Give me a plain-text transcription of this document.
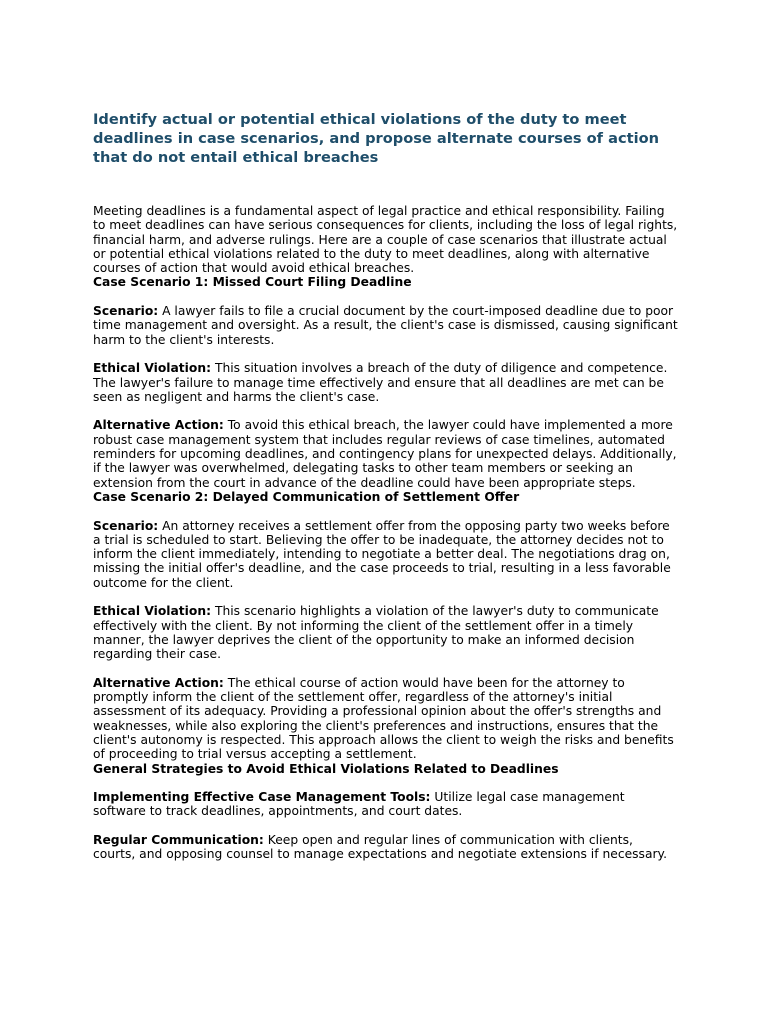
Identify actual or potential ethical violations of the duty to meet deadlines in case scenarios, and propose alternate courses of action that do not entail ethical breaches

Meeting deadlines is a fundamental aspect of legal practice and ethical responsibility. Failing to meet deadlines can have serious consequences for clients, including the loss of legal rights, financial harm, and adverse rulings. Here are a couple of case scenarios that illustrate actual or potential ethical violations related to the duty to meet deadlines, along with alternative courses of action that would avoid ethical breaches.

Case Scenario 1: Missed Court Filing Deadline

Scenario: A lawyer fails to file a crucial document by the court-imposed deadline due to poor time management and oversight. As a result, the client's case is dismissed, causing significant harm to the client's interests.

Ethical Violation: This situation involves a breach of the duty of diligence and competence. The lawyer's failure to manage time effectively and ensure that all deadlines are met can be seen as negligent and harms the client's case.

Alternative Action: To avoid this ethical breach, the lawyer could have implemented a more robust case management system that includes regular reviews of case timelines, automated reminders for upcoming deadlines, and contingency plans for unexpected delays. Additionally, if the lawyer was overwhelmed, delegating tasks to other team members or seeking an extension from the court in advance of the deadline could have been appropriate steps.

Case Scenario 2: Delayed Communication of Settlement Offer

Scenario: An attorney receives a settlement offer from the opposing party two weeks before a trial is scheduled to start. Believing the offer to be inadequate, the attorney decides not to inform the client immediately, intending to negotiate a better deal. The negotiations drag on, missing the initial offer's deadline, and the case proceeds to trial, resulting in a less favorable outcome for the client.

Ethical Violation: This scenario highlights a violation of the lawyer's duty to communicate effectively with the client. By not informing the client of the settlement offer in a timely manner, the lawyer deprives the client of the opportunity to make an informed decision regarding their case.

Alternative Action: The ethical course of action would have been for the attorney to promptly inform the client of the settlement offer, regardless of the attorney's initial assessment of its adequacy. Providing a professional opinion about the offer's strengths and weaknesses, while also exploring the client's preferences and instructions, ensures that the client's autonomy is respected. This approach allows the client to weigh the risks and benefits of proceeding to trial versus accepting a settlement.

General Strategies to Avoid Ethical Violations Related to Deadlines

Implementing Effective Case Management Tools: Utilize legal case management software to track deadlines, appointments, and court dates.

Regular Communication: Keep open and regular lines of communication with clients, courts, and opposing counsel to manage expectations and negotiate extensions if necessary.
